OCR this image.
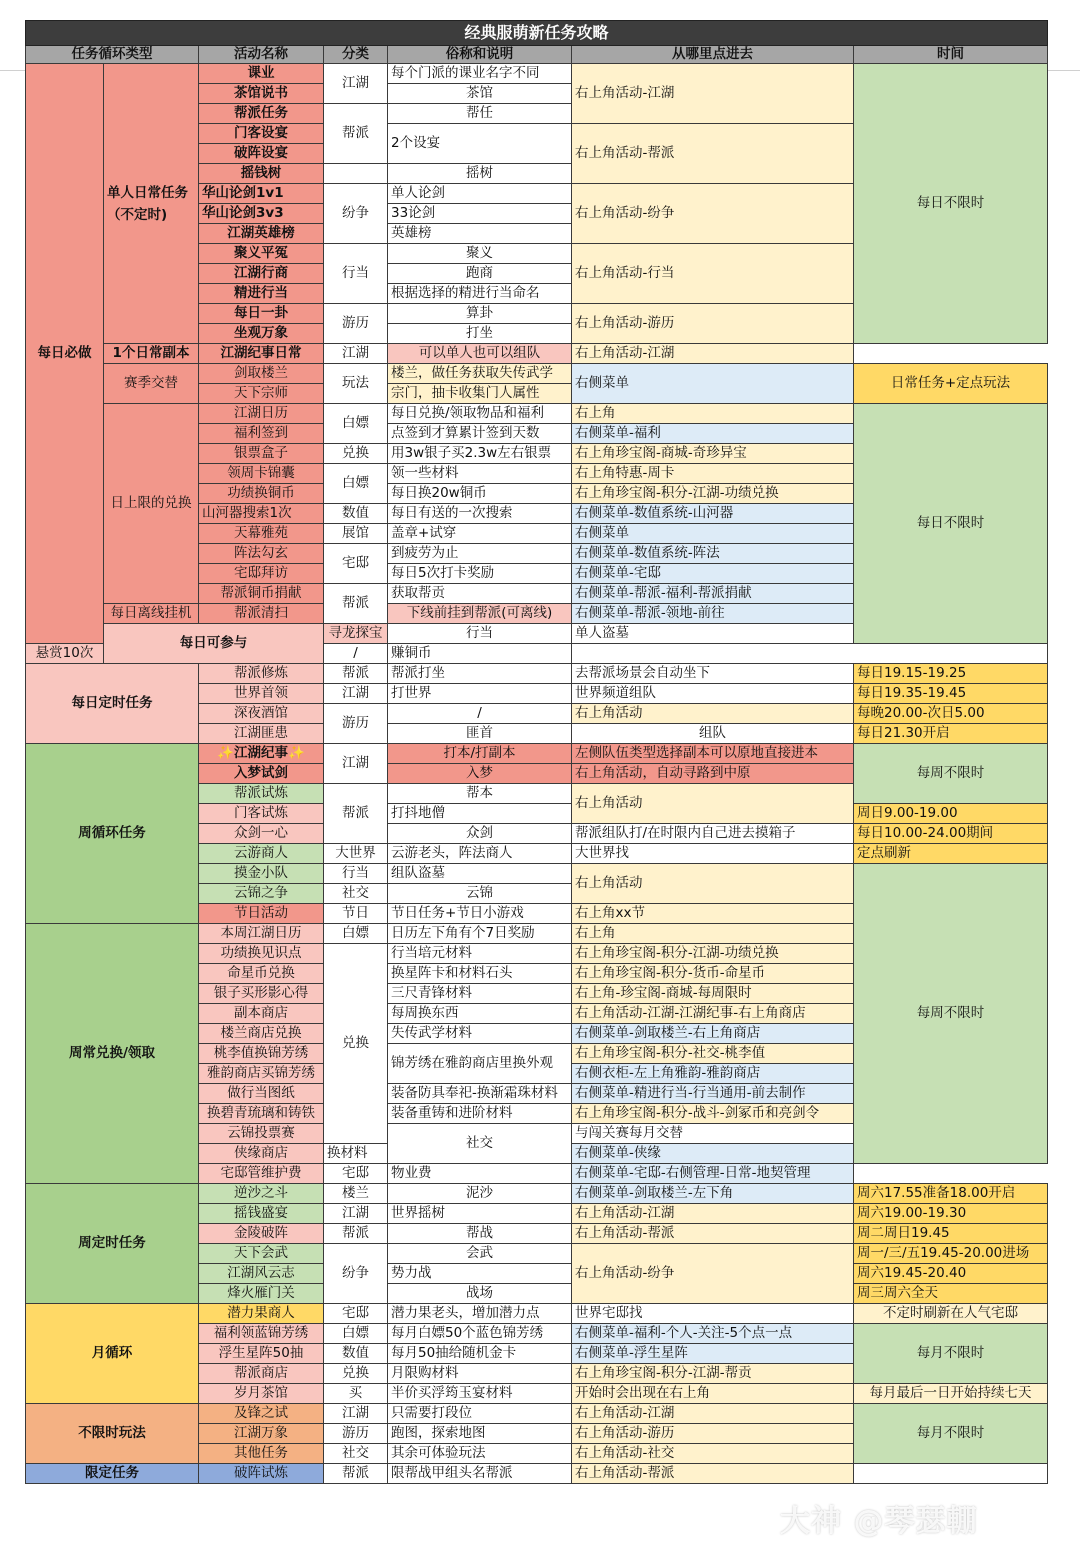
经典服萌新任务攻略							
任务循环类型		活动名称	分类	俗称和说明	从哪里点进去	时间	
每日必做	单人日常任务（不定时)	课业	江湖	每个门派的课业名字不同	右上角活动-江湖	每日不限时	
		茶馆说书		茶馆			
		帮派任务	帮派	帮任			
		门客设宴		2个设宴	右上角活动-帮派		
		破阵设宴					
		摇钱树		摇树			
		华山论剑1v1	纷争	单人论剑	右上角活动-纷争		
		华山论剑3v3		33论剑			
		江湖英雄榜		英雄榜			
		聚义平冤	行当	聚义	右上角活动-行当		
		江湖行商		跑商			
		精进行当		根据选择的精进行当命名			
		每日一卦	游历	算卦	右上角活动-游历		
		坐观万象		打坐			
	1个日常副本	江湖纪事日常	江湖	可以单人也可以组队	右上角活动-江湖		
	赛季交替	剑取楼兰	玩法	楼兰，做任务获取失传武学	右侧菜单	日常任务+定点玩法	
		天下宗师		宗门，抽卡收集门人属性			
	日上限的兑换	江湖日历	白嫖	每日兑换/领取物品和福利	右上角	每日不限时	
		福利签到		点签到才算累计签到天数	右侧菜单-福利		
		银票盒子	兑换	用3w银子买2.3w左右银票	右上角珍宝阁-商城-奇珍异宝		
		领周卡锦囊	白嫖	领一些材料	右上角特惠-周卡		
		功绩换铜币		每日换20w铜币	右上角珍宝阁-积分-江湖-功绩兑换		
		山河器搜索1次	数值	每日有送的一次搜索	右侧菜单-数值系统-山河器		
		天幕雅苑	展馆	盖章+试穿	右侧菜单		
		阵法勾玄	宅邸	到疲劳为止	右侧菜单-数值系统-阵法		
		宅邸拜访		每日5次打卡奖励	右侧菜单-宅邸		
		帮派铜币捐献	帮派	获取帮贡	右侧菜单-帮派-福利-帮派捐献		
	每日离线挂机	帮派清扫		下线前挂到帮派(可离线)	右侧菜单-帮派-领地-前往		
	每日可参与		寻龙探宝	行当	单人盗墓	
悬赏10次			/	赚铜币			
每日定时任务		帮派修炼	帮派	帮派打坐	去帮派场景会自动坐下	每日19.15-19.25	
		世界首领	江湖	打世界	世界频道组队	每日19.35-19.45	
		深夜酒馆	游历	/	右上角活动	每晚20.00-次日5.00	
		江湖匪患		匪首	组队	每日21.30开启	
周循环任务		✨江湖纪事✨	江湖	打本/打副本	左侧队伍类型选择副本可以原地直接进本	每周不限时	
		入梦试剑		入梦	右上角活动，自动寻路到中原		
		帮派试炼	帮派	帮本	右上角活动		
		门客试炼		打抖地僧		周日9.00-19.00	
		众剑一心		众剑	帮派组队打/在时限内自己进去摸箱子	每日10.00-24.00期间	
		云游商人	大世界	云游老头，阵法商人	大世界找	定点刷新	
		摸金小队	行当	组队盗墓	右上角活动	每周不限时	
		云锦之争	社交	云锦			
		节日活动	节日	节日任务+节日小游戏	右上角xx节		
周常兑换/领取		本周江湖日历	白嫖	日历左下角有个7日奖励	右上角		
		功绩换见识点	兑换	行当培元材料	右上角珍宝阁-积分-江湖-功绩兑换		
		命星币兑换		换星阵卡和材料石头	右上角珍宝阁-积分-货币-命星币		
		银子买形影心得		三尺青锋材料	右上角-珍宝阁-商城-每周限时		
		副本商店		每周换东西	右上角活动-江湖-江湖纪事-右上角商店		
		楼兰商店兑换		失传武学材料	右侧菜单-剑取楼兰-右上角商店		
		桃李值换锦芳绣		锦芳绣在雅韵商店里换外观	右上角珍宝阁-积分-社交-桃李值		
		雅韵商店买锦芳绣			右侧衣柜-左上角雅韵-雅韵商店		
		做行当图纸		装备防具奉祀-换渐霜珠材料	右侧菜单-精进行当-行当通用-前去制作		
		换碧青琉璃和铸铁		装备重铸和进阶材料	右上角珍宝阁-积分-战斗-剑冢币和亮剑令		
		云锦投票赛		社交	与闯关赛每月交替	
		侠缘商店	换材料		右侧菜单-侠缘		
		宅邸管维护费	宅邸	物业费	右侧菜单-宅邸-右侧管理-日常-地契管理		
周定时任务		逆沙之斗	楼兰	泥沙	右侧菜单-剑取楼兰-左下角	周六17.55准备18.00开启	
		摇钱盛宴	江湖	世界摇树	右上角活动-江湖	周六19.00-19.30	
		金陵破阵	帮派	帮战	右上角活动-帮派	周二周日19.45	
		天下会武	纷争	会武	右上角活动-纷争	周一/三/五19.45-20.00进场	
		江湖风云志		势力战		周六19.45-20.40	
		烽火雁门关		战场		周三周六全天	
月循环		潜力果商人	宅邸	潜力果老头，增加潜力点	世界宅邸找	不定时刷新在人气宅邸	
		福利领蓝锦芳绣	白嫖	每月白嫖50个蓝色锦芳绣	右侧菜单-福利-个人-关注-5个点一点	每月不限时	
		浮生星阵50抽	数值	每月50抽给随机金卡	右侧菜单-浮生星阵		
		帮派商店	兑换	月限购材料	右上角珍宝阁-积分-江湖-帮贡		
		岁月茶馆	买	半价买浮筠玉宴材料	开始时会出现在右上角	每月最后一日开始持续七天	
不限时玩法		及锋之试	江湖	只需要打段位	右上角活动-江湖	每月不限时	
		江湖万象	游历	跑图，探索地图	右上角活动-游历		
		其他任务	社交	其余可体验玩法	右上角活动-社交		
限定任务		破阵试炼	帮派	限帮战甲组头名帮派	右上角活动-帮派		
大神 @琴瑟輣
